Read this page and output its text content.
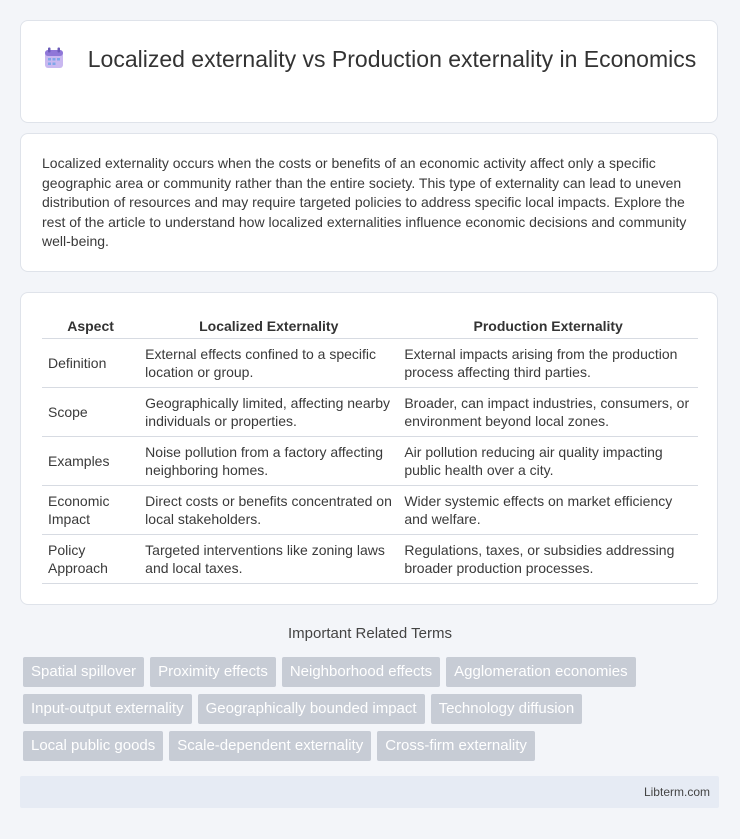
Localized externality vs Production externality in Economics
Localized externality occurs when the costs or benefits of an economic activity affect only a specific geographic area or community rather than the entire society. This type of externality can lead to uneven distribution of resources and may require targeted policies to address specific local impacts. Explore the rest of the article to understand how localized externalities influence economic decisions and community well-being.
Aspect	Localized Externality	Production Externality
Definition	External effects confined to a specific location or group.	External impacts arising from the production process affecting third parties.
Scope	Geographically limited, affecting nearby individuals or properties.	Broader, can impact industries, consumers, or environment beyond local zones.
Examples	Noise pollution from a factory affecting neighboring homes.	Air pollution reducing air quality impacting public health over a city.
Economic Impact	Direct costs or benefits concentrated on local stakeholders.	Wider systemic effects on market efficiency and welfare.
Policy Approach	Targeted interventions like zoning laws and local taxes.	Regulations, taxes, or subsidies addressing broader production processes.
Important Related Terms
Spatial spillover Proximity effects Neighborhood effects Agglomeration economies
Input-output externality Geographically bounded impact Technology diffusion
Local public goods Scale-dependent externality Cross-firm externality
Libterm.com
